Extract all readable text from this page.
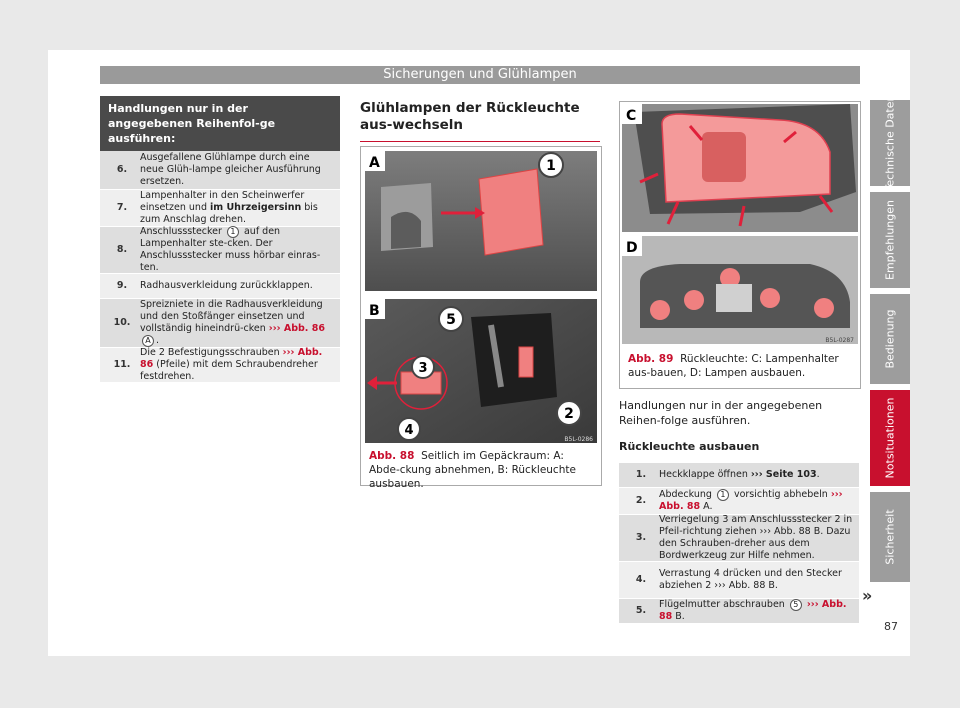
Sicherungen und Glühlampen
Handlungen nur in der angegebenen Reihenfol-ge ausführen:
6.
Ausgefallene Glühlampe durch eine neue Glüh-lampe gleicher Ausführung ersetzen.
7.
Lampenhalter in den Scheinwerfer einsetzen und im Uhrzeigersinn bis zum Anschlag drehen.
8.
Anschlussstecker 1 auf den Lampenhalter ste-cken. Der Anschlussstecker muss hörbar einras-ten.
9.	Radhausverkleidung zurückklappen.
10.
Spreizniete in die Radhausverkleidung und den Stoßfänger einsetzen und vollständig hineindrü-cken ››› Abb. 86 A .
11.
Die 2 Befestigungsschrauben ››› Abb. 86 (Pfeile) mit dem Schraubendreher festdrehen.
Glühlampen der Rückleuchte aus-wechseln
1
A
5
3
2
4
B
B5L-0286
Abb. 88 Seitlich im Gepäckraum: A: Abde-ckung abnehmen, B: Rückleuchte ausbauen.
C
D
B5L-0287
Abb. 89 Rückleuchte: C: Lampenhalter aus-bauen, D: Lampen ausbauen.
Handlungen nur in der angegebenen Reihen-folge ausführen.
Rückleuchte ausbauen
1.	Heckklappe öffnen ››› Seite 103.
2.
Abdeckung 1 vorsichtig abhebeln ››› Abb. 88 A.
3.
Verriegelung 3 am Anschlussstecker 2 in Pfeil-richtung ziehen ››› Abb. 88 B. Dazu den Schrauben-dreher aus dem Bordwerkzeug zur Hilfe nehmen.
4.
Verrastung 4 drücken und den Stecker abziehen 2 ››› Abb. 88 B.
5.
Flügelmutter abschrauben 5 ››› Abb. 88 B.
»
Technische Daten
Empfehlungen
Bedienung
Notsituationen
Sicherheit
87
